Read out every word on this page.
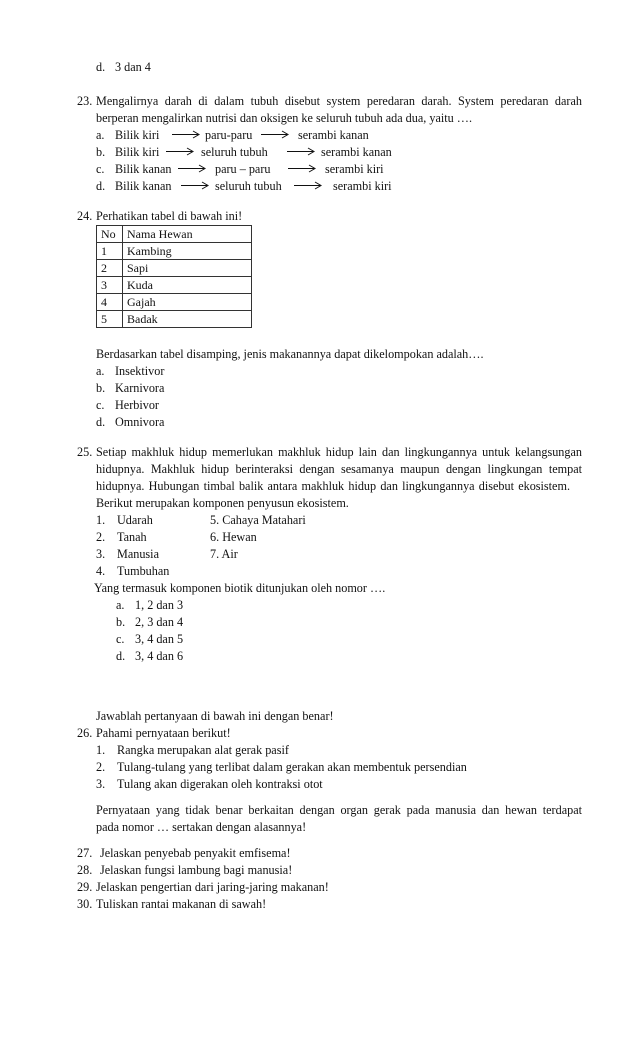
d. 3 dan 4
23. Mengalirnya darah di dalam tubuh disebut system peredaran darah. System peredaran darah
berperan mengalirkan nutrisi dan oksigen ke seluruh tubuh ada dua, yaitu ….
a. Bilik kiri	paru-paru	serambi kanan
b. Bilik kiri	seluruh tubuh	serambi kanan
c. Bilik kanan	paru – paru	serambi kiri
d. Bilik kanan	seluruh tubuh	serambi kiri
24. Perhatikan tabel di bawah ini!
No	Nama Hewan
1	Kambing
2	Sapi
3	Kuda
4	Gajah
5	Badak
Berdasarkan tabel disamping, jenis makanannya dapat dikelompokan adalah….
a. Insektivor
b. Karnivora
c. Herbivor
d. Omnivora
25. Setiap makhluk hidup memerlukan makhluk hidup lain dan lingkungannya untuk kelangsungan
hidupnya. Makhluk hidup berinteraksi dengan sesamanya maupun dengan lingkungan tempat
hidupnya. Hubungan timbal balik antara makhluk hidup dan lingkungannya disebut ekosistem.
Berikut merupakan komponen penyusun ekosistem.
1. Udarah	5. Cahaya Matahari
2. Tanah	6. Hewan
3. Manusia	7. Air
4. Tumbuhan
Yang termasuk komponen biotik ditunjukan oleh nomor ….
a. 1, 2 dan 3
b. 2, 3 dan 4
c. 3, 4 dan 5
d. 3, 4 dan 6
Jawablah pertanyaan di bawah ini dengan benar!
26. Pahami pernyataan berikut!
1. Rangka merupakan alat gerak pasif
2. Tulang-tulang yang terlibat dalam gerakan akan membentuk persendian
3. Tulang akan digerakan oleh kontraksi otot
Pernyataan yang tidak benar berkaitan dengan organ gerak pada manusia dan hewan terdapat
pada nomor … sertakan dengan alasannya!
27. Jelaskan penyebab penyakit emfisema!
28. Jelaskan fungsi lambung bagi manusia!
29. Jelaskan pengertian dari jaring-jaring makanan!
30. Tuliskan rantai makanan di sawah!
